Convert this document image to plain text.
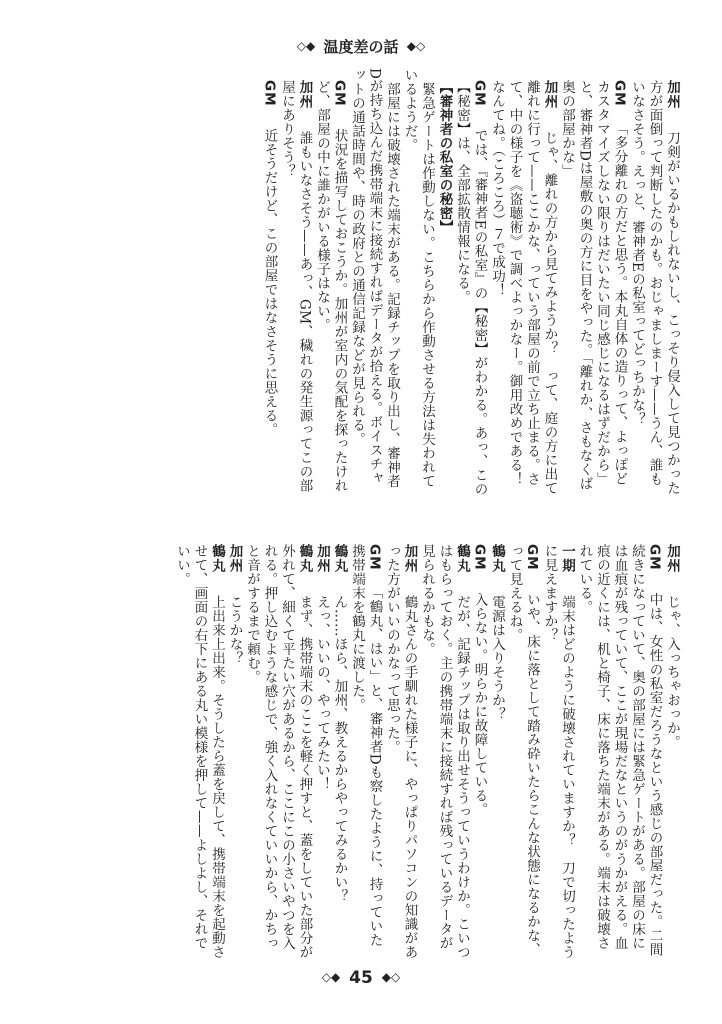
◇◆ 温度差の話 ◆◇
加州　刀剣がいるかもしれないし、こっそり侵入して見つかった方が面倒って判断したのかも。おじゃましまーす——うん、誰もいなさそう。えっと、審神者Eの私室ってどっちかな？
GM　「多分離れの方だと思う。本丸自体の造りって、よっぽどカスタマイズしない限りはだいたい同じ感じになるはずだから」と、審神者Dは屋敷の奥の方に目をやった。「離れか、さもなくば奥の部屋かな」
加州　じゃ、離れの方から見てみようか？　って、庭の方に出て離れに行って——ここかな、っていう部屋の前で立ち止まる。さて、中の様子を《盗聴術》で調べよっかなー。御用改めである！　なんてね。（ころころ）７で成功！
GM　では、『審神者Eの私室』の【秘密】がわかる。あっ、この【秘密】は、全部拡散情報になる。
【審神者の私室の秘密】
　緊急ゲートは作動しない。こちらから作動させる方法は失われているようだ。
　部屋には破壊された端末がある。記録チップを取り出し、審神者Dが持ち込んだ携帯端末に接続すればデータが拾える。ボイスチャットの通話時間や、時の政府との通信記録などが見られる。
GM　状況を描写しておこうか。加州が室内の気配を探ったけれど、部屋の中に誰かがいる様子はない。
加州　誰もいなさそう——あっ、GM、穢れの発生源ってこの部屋にありそう？
GM　近そうだけど、この部屋ではなさそうに思える。
加州　じゃ、入っちゃおっか。
GM　中は、女性の私室だろうなという感じの部屋だった。二間続きになっていて、奥の部屋には緊急ゲートがある。部屋の床には血痕が残っていて、ここが現場だなというのがうかがえる。血痕の近くには、机と椅子、床に落ちた端末がある。端末は破壊されている。
一期　端末はどのように破壊されていますか？　刀で切ったように見えますか？
GM　いや、床に落として踏み砕いたらこんな状態になるかな、って見えるね。
鶴丸　電源は入りそうか？
GM　入らない。明らかに故障している。
鶴丸　だが、記録チップは取り出せそうっていうわけか。こいつはもらっておく。主の携帯端末に接続すれば残っているデータが見られるかもな。
加州　鶴丸さんの手馴れた様子に、やっぱりパソコンの知識があった方がいいのかなって思った。
GM　「鶴丸、はい」と、審神者Dも察したように、持っていた携帯端末を鶴丸に渡した。
鶴丸　ん……ほら、加州、教えるからやってみるかい？
加州　えっ、いいの、やってみたい！
鶴丸　まず、携帯端末のここを軽く押すと、蓋をしていた部分が外れて、細くて平たい穴があるから、ここにこの小さいやつを入れる。押し込むような感じで、強く入れなくていいから、かちっと音がするまで頼む。
加州　こうかな？
鶴丸　上出来上出来。そうしたら蓋を戻して、携帯端末を起動させて、画面の右下にある丸い模様を押して——よしよし、それでいい。
◇◆ 45 ◆◇
